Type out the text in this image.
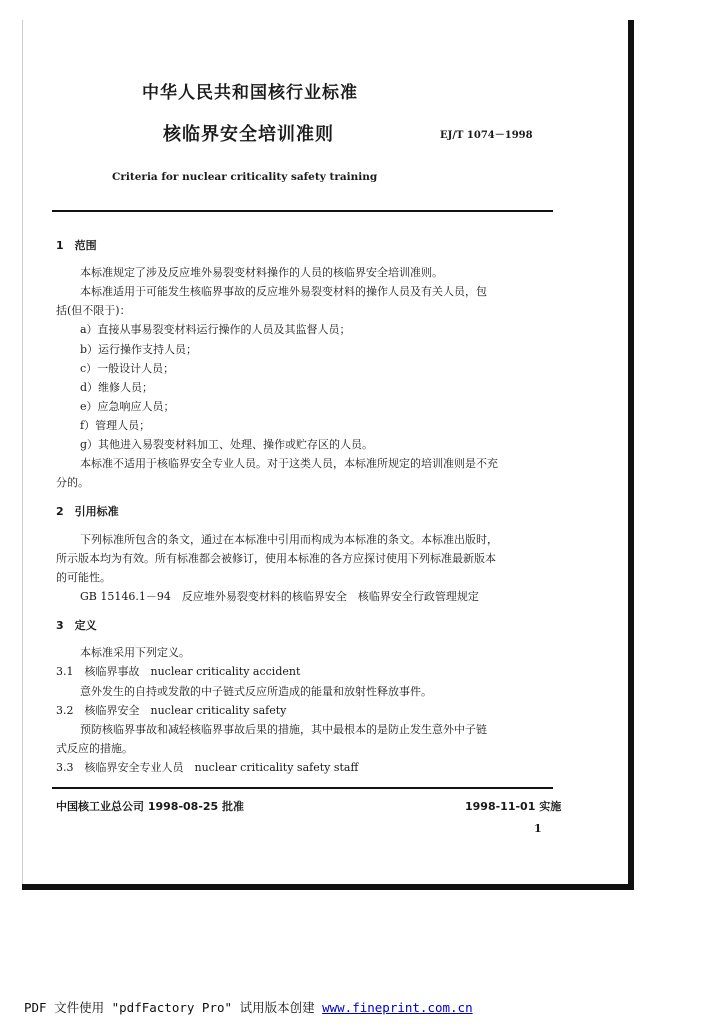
中华人民共和国核行业标准
核临界安全培训准则	EJ/T 1074－1998
Criteria for nuclear criticality safety training
1　范围
本标准规定了涉及反应堆外易裂变材料操作的人员的核临界安全培训准则。
本标准适用于可能发生核临界事故的反应堆外易裂变材料的操作人员及有关人员，包
括(但不限于)：
a）直接从事易裂变材料运行操作的人员及其监督人员；
b）运行操作支持人员；
c）一般设计人员；
d）维修人员；
e）应急响应人员；
f）管理人员；
g）其他进入易裂变材料加工、处理、操作或贮存区的人员。
本标准不适用于核临界安全专业人员。对于这类人员，本标准所规定的培训准则是不充
分的。
2　引用标准
下列标准所包含的条文，通过在本标准中引用而构成为本标准的条文。本标准出版时，
所示版本均为有效。所有标准都会被修订，使用本标准的各方应探讨使用下列标准最新版本
的可能性。
GB 15146.1－94　反应堆外易裂变材料的核临界安全　核临界安全行政管理规定
3　定义
本标准采用下列定义。
3.1　核临界事故　nuclear criticality accident
意外发生的自持或发散的中子链式反应所造成的能量和放射性释放事件。
3.2　核临界安全　nuclear criticality safety
预防核临界事故和减轻核临界事故后果的措施，其中最根本的是防止发生意外中子链
式反应的措施。
3.3　核临界安全专业人员　nuclear criticality safety staff
中国核工业总公司 1998-08-25 批准	1998-11-01 实施
1
PDF 文件使用 "pdfFactory Pro" 试用版本创建 www.fineprint.com.cn
